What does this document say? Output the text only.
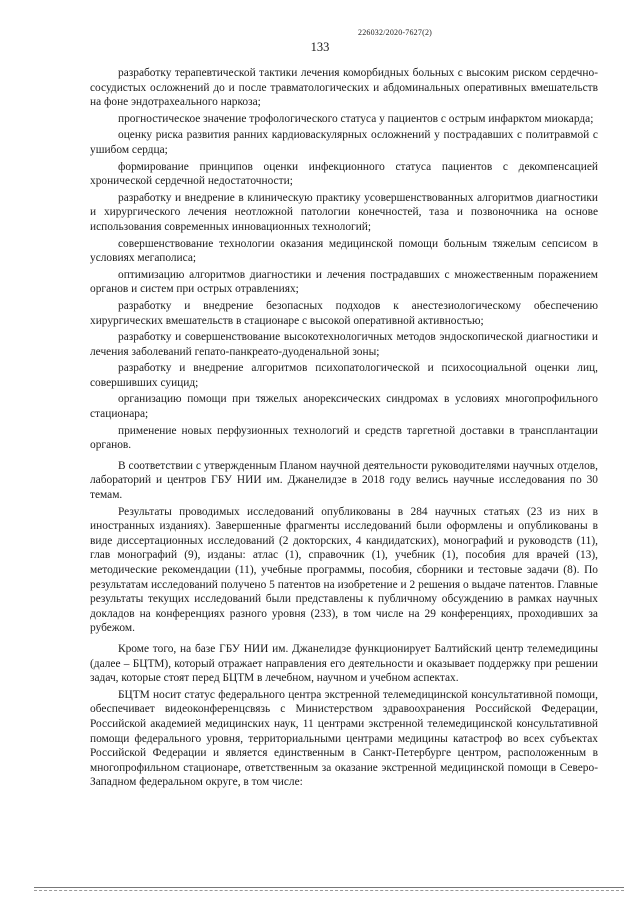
226032/2020-7627(2)
133

разработку терапевтической тактики лечения коморбидных больных с высоким риском сердечно-сосудистых осложнений до и после травматологических и абдоминальных оперативных вмешательств на фоне эндотрахеального наркоза;

прогностическое значение трофологического статуса у пациентов с острым инфарктом миокарда;

оценку риска развития ранних кардиоваскулярных осложнений у пострадавших с политравмой с ушибом сердца;

формирование принципов оценки инфекционного статуса пациентов с декомпенсацией хронической сердечной недостаточности;

разработку и внедрение в клиническую практику усовершенствованных алгоритмов диагностики и хирургического лечения неотложной патологии конечностей, таза и позвоночника на основе использования современных инновационных технологий;

совершенствование технологии оказания медицинской помощи больным тяжелым сепсисом в условиях мегаполиса;

оптимизацию алгоритмов диагностики и лечения пострадавших с множественным поражением органов и систем при острых отравлениях;

разработку и внедрение безопасных подходов к анестезиологическому обеспечению хирургических вмешательств в стационаре с высокой оперативной активностью;

разработку и совершенствование высокотехнологичных методов эндоскопической диагностики и лечения заболеваний гепато-панкреато-дуоденальной зоны;

разработку и внедрение алгоритмов психопатологической и психосоциальной оценки лиц, совершивших суицид;

организацию помощи при тяжелых анорексических синдромах в условиях многопрофильного стационара;

применение новых перфузионных технологий и средств таргетной доставки в трансплантации органов.

В соответствии с утвержденным Планом научной деятельности руководителями научных отделов, лабораторий и центров ГБУ НИИ им. Джанелидзе в 2018 году велись научные исследования по 30 темам.

Результаты проводимых исследований опубликованы в 284 научных статьях (23 из них в иностранных изданиях). Завершенные фрагменты исследований были оформлены и опубликованы в виде диссертационных исследований (2 докторских, 4 кандидатских), монографий и руководств (11), глав монографий (9), изданы: атлас (1), справочник (1), учебник (1), пособия для врачей (13), методические рекомендации (11), учебные программы, пособия, сборники и тестовые задачи (8). По результатам исследований получено 5 патентов на изобретение и 2 решения о выдаче патентов. Главные результаты текущих исследований были представлены к публичному обсуждению в рамках научных докладов на конференциях разного уровня (233), в том числе на 29 конференциях, проходивших за рубежом.

Кроме того, на базе ГБУ НИИ им. Джанелидзе функционирует Балтийский центр телемедицины (далее – БЦТМ), который отражает направления его деятельности и оказывает поддержку при решении задач, которые стоят перед БЦТМ в лечебном, научном и учебном аспектах.

БЦТМ носит статус федерального центра экстренной телемедицинской консультативной помощи, обеспечивает видеоконференцсвязь с Министерством здравоохранения Российской Федерации, Российской академией медицинских наук, 11 центрами экстренной телемедицинской консультативной помощи федерального уровня, территориальными центрами медицины катастроф во всех субъектах Российской Федерации и является единственным в Санкт-Петербурге центром, расположенным в многопрофильном стационаре, ответственным за оказание экстренной медицинской помощи в Северо-Западном федеральном округе, в том числе:
